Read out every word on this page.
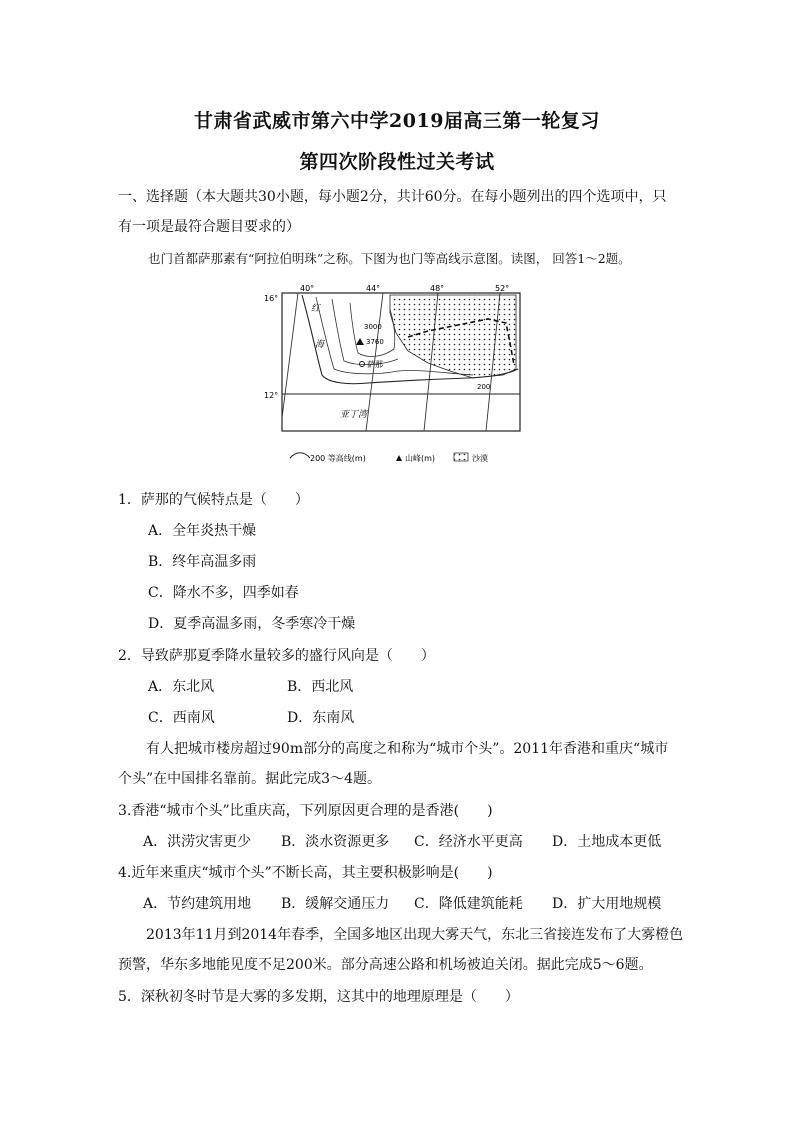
甘肃省武威市第六中学2019届高三第一轮复习
第四次阶段性过关考试
一、选择题（本大题共30小题，每小题2分，共计60分。在每小题列出的四个选项中，只
有一项是最符合题目要求的）
也门首都萨那素有“阿拉伯明珠”之称。下图为也门等高线示意图。读图， 回答1～2题。
40°	44°	48°	52°
16°
12°
红
海
3000
3760
萨那
200
亚丁湾
200 等高线(m)	山峰(m)	沙漠
1．萨那的气候特点是（　　）
A．全年炎热干燥
B．终年高温多雨
C．降水不多，四季如春
D．夏季高温多雨，冬季寒冷干燥
2．导致萨那夏季降水量较多的盛行风向是（　　）
A．东北风	B．西北风
C．西南风	D．东南风
有人把城市楼房超过90m部分的高度之和称为“城市个头”。2011年香港和重庆“城市
个头”在中国排名靠前。据此完成3～4题。
3.香港“城市个头”比重庆高，下列原因更合理的是香港(　　)
A．洪涝灾害更少 B．淡水资源更多 C．经济水平更高 D．土地成本更低
4.近年来重庆“城市个头”不断长高，其主要积极影响是(　　)
A．节约建筑用地 B．缓解交通压力 C．降低建筑能耗 D．扩大用地规模
2013年11月到2014年春季，全国多地区出现大雾天气，东北三省接连发布了大雾橙色
预警，华东多地能见度不足200米。部分高速公路和机场被迫关闭。据此完成5～6题。
5．深秋初冬时节是大雾的多发期，这其中的地理原理是（　　）
